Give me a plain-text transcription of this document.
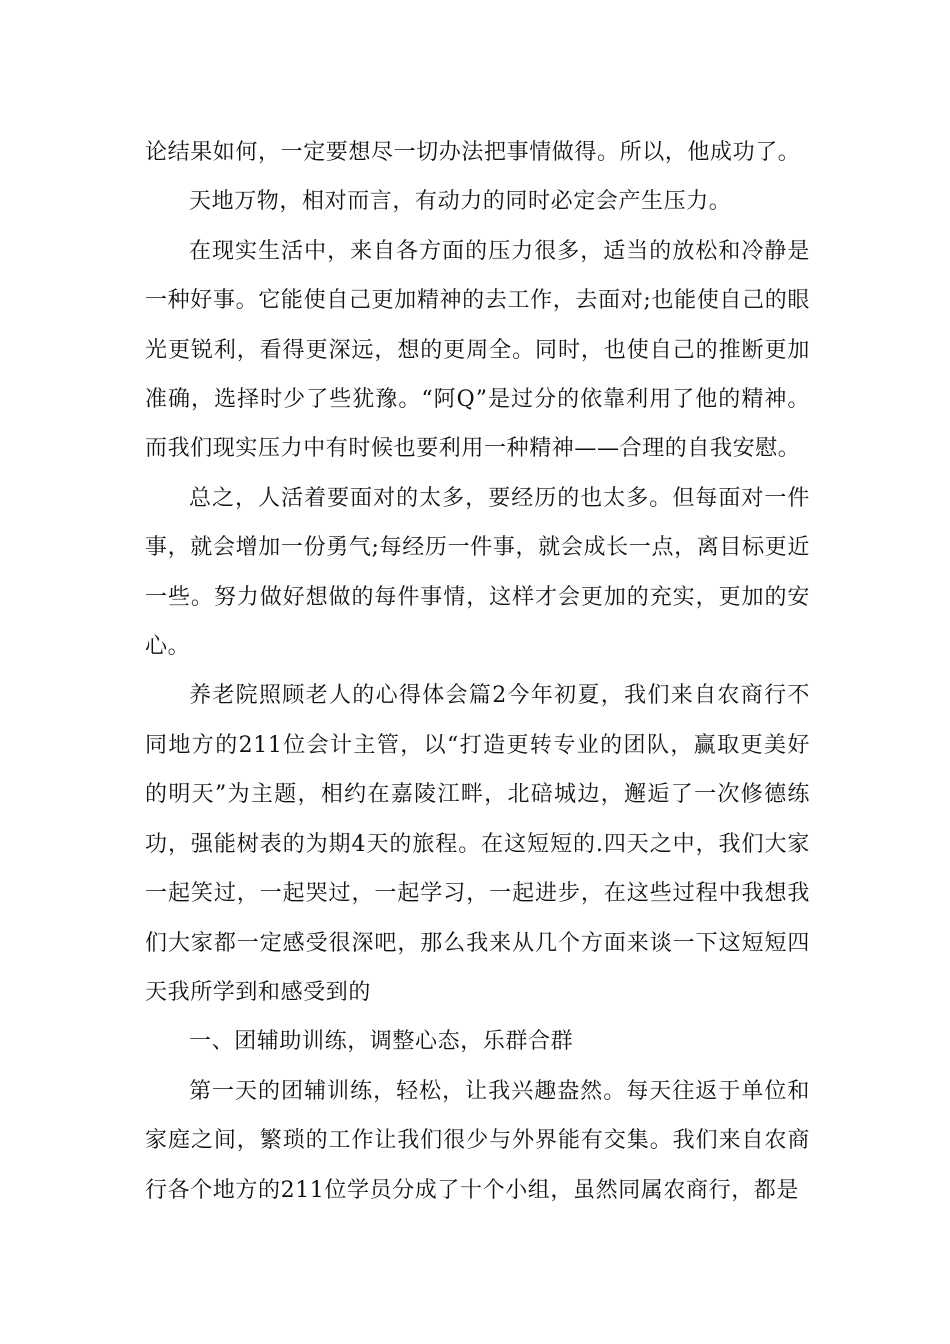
论结果如何，一定要想尽一切办法把事情做得。所以，他成功了。

天地万物，相对而言，有动力的同时必定会产生压力。

在现实生活中，来自各方面的压力很多，适当的放松和冷静是一种好事。它能使自己更加精神的去工作，去面对;也能使自己的眼光更锐利，看得更深远，想的更周全。同时，也使自己的推断更加准确，选择时少了些犹豫。“阿Q”是过分的依靠利用了他的精神。而我们现实压力中有时候也要利用一种精神——合理的自我安慰。

总之，人活着要面对的太多，要经历的也太多。但每面对一件事，就会增加一份勇气;每经历一件事，就会成长一点，离目标更近一些。努力做好想做的每件事情，这样才会更加的充实，更加的安心。

养老院照顾老人的心得体会篇2今年初夏，我们来自农商行不同地方的211位会计主管，以“打造更转专业的团队，赢取更美好的明天”为主题，相约在嘉陵江畔，北碚城边，邂逅了一次修德练功，强能树表的为期4天的旅程。在这短短的.四天之中，我们大家一起笑过，一起哭过，一起学习，一起进步，在这些过程中我想我们大家都一定感受很深吧，那么我来从几个方面来谈一下这短短四天我所学到和感受到的

一、团辅助训练，调整心态，乐群合群

第一天的团辅训练，轻松，让我兴趣盎然。每天往返于单位和家庭之间，繁琐的工作让我们很少与外界能有交集。我们来自农商行各个地方的211位学员分成了十个小组，虽然同属农商行，都是
